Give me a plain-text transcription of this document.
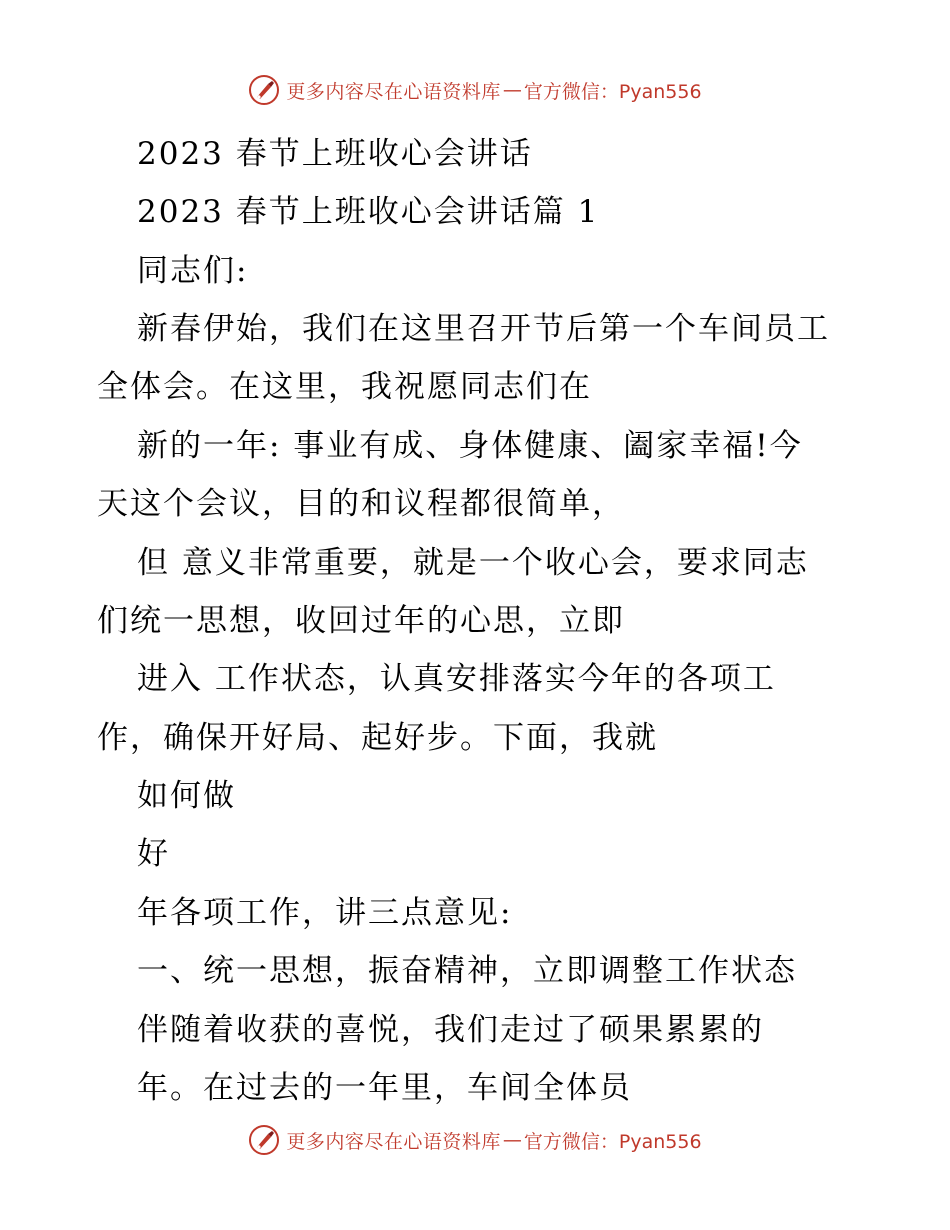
更多内容尽在心语资料库 — 官方微信：Pyan556
2023 春节上班收心会讲话
2023 春节上班收心会讲话篇 1
同志们:
新春伊始，我们在这里召开节后第一个车间员工
全体会。在这里，我祝愿同志们在
新的一年: 事业有成、身体健康、阖家幸福!今
天这个会议，目的和议程都很简单，
但 意义非常重要，就是一个收心会，要求同志
们统一思想，收回过年的心思，立即
进入 工作状态，认真安排落实今年的各项工
作，确保开好局、起好步。下面，我就
如何做
好
年各项工作，讲三点意见:
一、统一思想，振奋精神，立即调整工作状态
伴随着收获的喜悦，我们走过了硕果累累的
年。在过去的一年里，车间全体员
更多内容尽在心语资料库 — 官方微信：Pyan556
